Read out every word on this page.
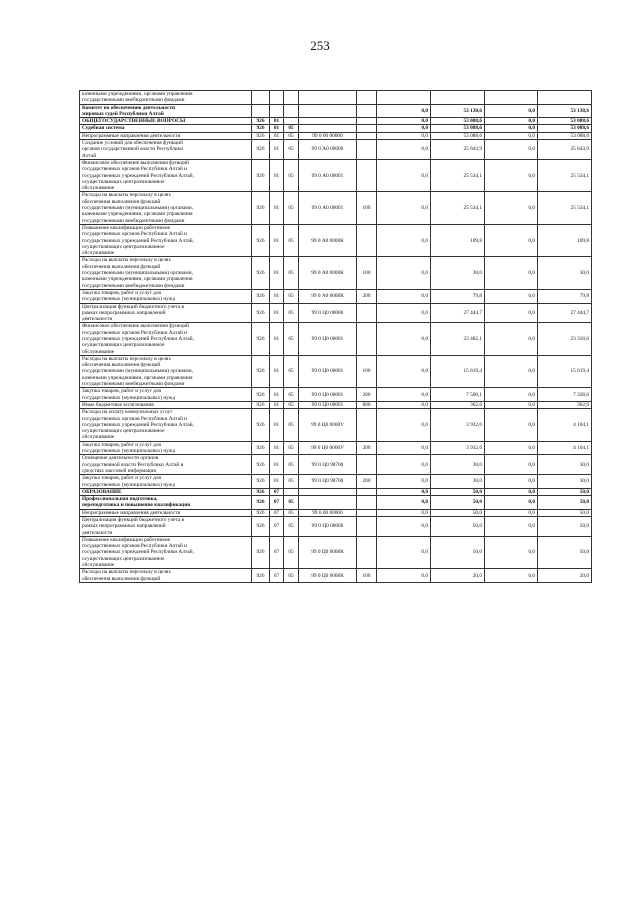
253
казенными учреждениями, органами управления
государственными внебюджетными фондами									

Комитет по обеспечению деятельности
мировых судей Республики Алтай						0,0	53 138,6	0,0	53 138,6

ОБЩЕГОСУДАРСТВЕННЫЕ ВОПРОСЫ	926	01				0,0	53 088,6	0,0	53 088,6

Судебная система	926	01	05			0,0	53 088,6	0,0	53 088,6

Непрограммные направления деятельности	926	01	05	99 0 00 00000		0,0	53 088,6	0,0	53 088,6

Создание условий для обеспечения функций
органов государственной власти Республики
Алтай	926	01	05	99 0 А0 00000		0,0	25 643,9	0,0	25 643,9

Финансовое обеспечение выполнения функций
государственных органов Республики Алтай и
государственных учреждений Республики Алтай,
осуществляющих централизованное
обслуживание	926	01	05	99 0 А0 00001		0,0	25 534,1	0,0	25 534,1

Расходы на выплаты персоналу в целях
обеспечения выполнения функций
государственными (муниципальными) органами,
казенными учреждениями, органами управления
государственными внебюджетными фондами	926	01	05	99 0 А0 00001	100	0,0	25 534,1	0,0	25 534,1

Повышение квалификации работников
государственных органов Республики Алтай и
государственных учреждений Республики Алтай,
осуществляющих централизованное
обслуживание	926	01	05	99 0 А0 0000К		0,0	109,8	0,0	109,8

Расходы на выплаты персоналу в целях
обеспечения выполнения функций
государственными (муниципальными) органами,
казенными учреждениями, органами управления
государственными внебюджетными фондами	926	01	05	99 0 А0 0000К	100	0,0	30,0	0,0	30,0

Закупка товаров, работ и услуг для
государственных (муниципальных) нужд	926	01	05	99 0 А0 0000К	200	0,0	79,8	0,0	79,8

Централизация функций бюджетного учета в
рамках непрограммных направлений
деятельности	926	01	05	99 0 Ц0 00000		0,0	27 444,7	0,0	27 444,7

Финансовое обеспечение выполнения функций
государственных органов Республики Алтай и
государственных учреждений Республики Алтай,
осуществляющих централизованное
обслуживание	926	01	05	99 0 Ц0 00001		0,0	23 482,1	0,0	23 310,6

Расходы на выплаты персоналу в целях
обеспечения выполнения функций
государственными (муниципальными) органами,
казенными учреждениями, органами управления
государственными внебюджетными фондами	926	01	05	99 0 Ц0 00001	100	0,0	15 619,4	0,0	15 619,4

Закупка товаров, работ и услуг для
государственных (муниципальных) нужд	926	01	05	99 0 Ц0 00001	200	0,0	7 500,1	0,0	7 328,6

Иные бюджетные ассигнования	926	01	05	99 0 Ц0 00001	800	0,0	362,6	0,0	362,6

Расходы на оплату коммунальных услуг
государственных органов Республики Алтай и
государственных учреждений Республики Алтай,
осуществляющих централизованное
обслуживание	926	01	05	99 0 Ц0 0000У		0,0	3 932,6	0,0	4 104,1

Закупка товаров, работ и услуг для
государственных (муниципальных) нужд	926	01	05	99 0 Ц0 0000У	200	0,0	3 932,6	0,0	4 104,1

Освещение деятельности органов
государственной власти Республики Алтай в
средствах массовой информации	926	01	05	99 0 Ц0 98700		0,0	30,0	0,0	30,0

Закупка товаров, работ и услуг для
государственных (муниципальных) нужд	926	01	05	99 0 Ц0 98700	200	0,0	30,0	0,0	30,0

ОБРАЗОВАНИЕ	926	07				0,0	50,0	0,0	50,0

Профессиональная подготовка,
переподготовка и повышение квалификации	926	07	05			0,0	50,0	0,0	50,0

Непрограммные направления деятельности	926	07	05	99 0 00 00000		0,0	50,0	0,0	50,0

Централизация функций бюджетного учета в
рамках непрограммных направлений
деятельности	926	07	05	99 0 Ц0 00000		0,0	50,0	0,0	50,0

Повышение квалификации работников
государственных органов Республики Алтай и
государственных учреждений Республики Алтай,
осуществляющих централизованное
обслуживание	926	07	05	99 0 Ц0 0000К		0,0	50,0	0,0	50,0

Расходы на выплаты персоналу в целях
обеспечения выполнения функций	926	07	05	99 0 Ц0 0000К	100	0,0	20,0	0,0	20,0
